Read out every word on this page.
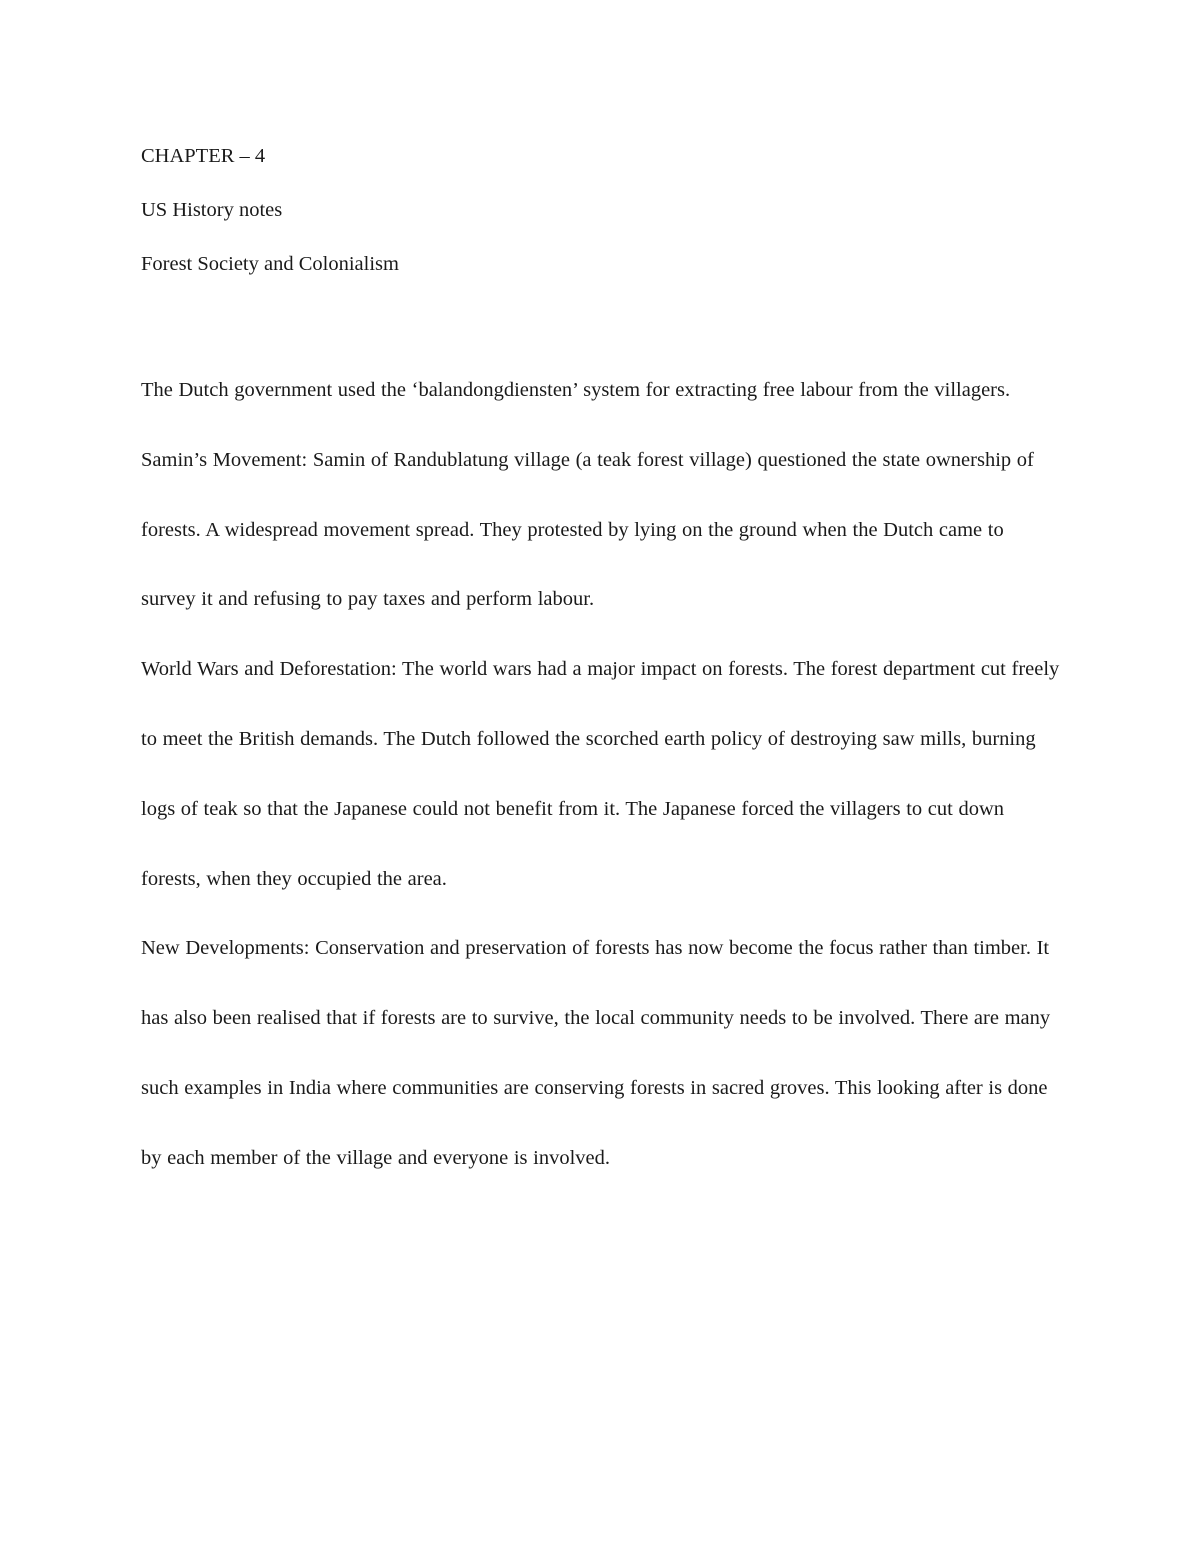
CHAPTER – 4
US History notes
Forest Society and Colonialism

The Dutch government used the ‘balandongdiensten’ system for extracting free labour from the villagers.

Samin’s Movement: Samin of Randublatung village (a teak forest village) questioned the state ownership of forests. A widespread movement spread. They protested by lying on the ground when the Dutch came to survey it and refusing to pay taxes and perform labour.

World Wars and Deforestation: The world wars had a major impact on forests. The forest department cut freely to meet the British demands. The Dutch followed the scorched earth policy of destroying saw mills, burning logs of teak so that the Japanese could not benefit from it. The Japanese forced the villagers to cut down forests, when they occupied the area.

New Developments: Conservation and preservation of forests has now become the focus rather than timber. It has also been realised that if forests are to survive, the local community needs to be involved. There are many such examples in India where communities are conserving forests in sacred groves. This looking after is done by each member of the village and everyone is involved.
